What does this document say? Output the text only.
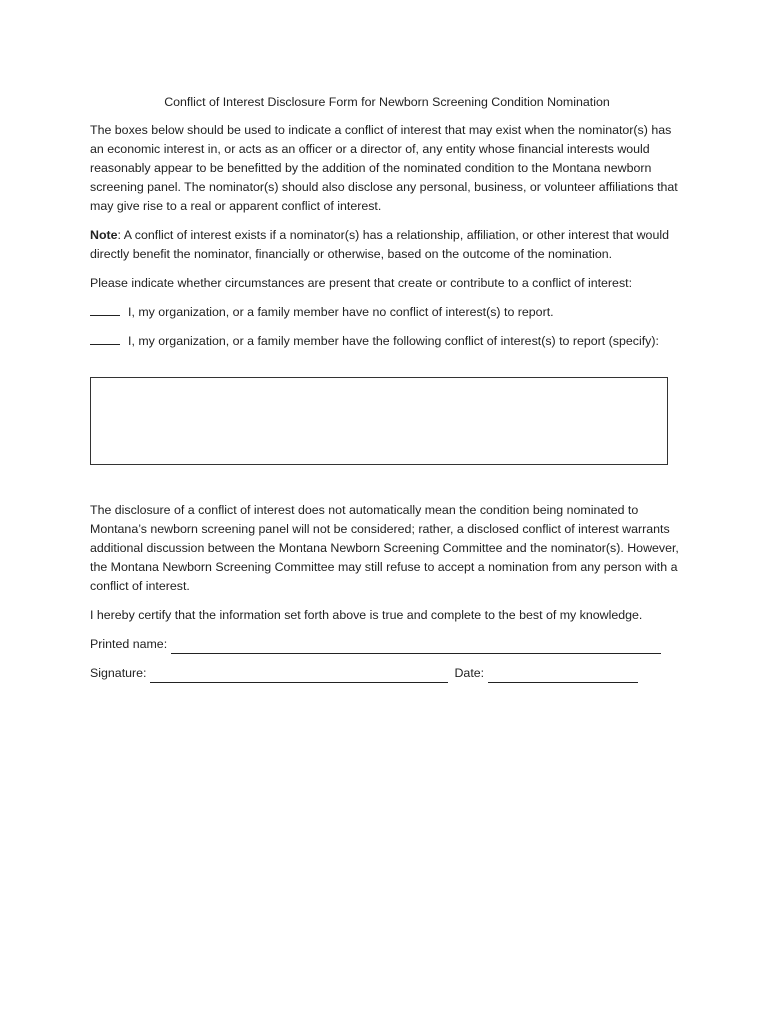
Conflict of Interest Disclosure Form for Newborn Screening Condition Nomination

The boxes below should be used to indicate a conflict of interest that may exist when the nominator(s) has an economic interest in, or acts as an officer or a director of, any entity whose financial interests would reasonably appear to be benefitted by the addition of the nominated condition to the Montana newborn screening panel. The nominator(s) should also disclose any personal, business, or volunteer affiliations that may give rise to a real or apparent conflict of interest.

Note: A conflict of interest exists if a nominator(s) has a relationship, affiliation, or other interest that would directly benefit the nominator, financially or otherwise, based on the outcome of the nomination.

Please indicate whether circumstances are present that create or contribute to a conflict of interest:

I, my organization, or a family member have no conflict of interest(s) to report.

I, my organization, or a family member have the following conflict of interest(s) to report (specify):

The disclosure of a conflict of interest does not automatically mean the condition being nominated to Montana’s newborn screening panel will not be considered; rather, a disclosed conflict of interest warrants additional discussion between the Montana Newborn Screening Committee and the nominator(s). However, the Montana Newborn Screening Committee may still refuse to accept a nomination from any person with a conflict of interest.

I hereby certify that the information set forth above is true and complete to the best of my knowledge.

Printed name:
Signature:	Date:
